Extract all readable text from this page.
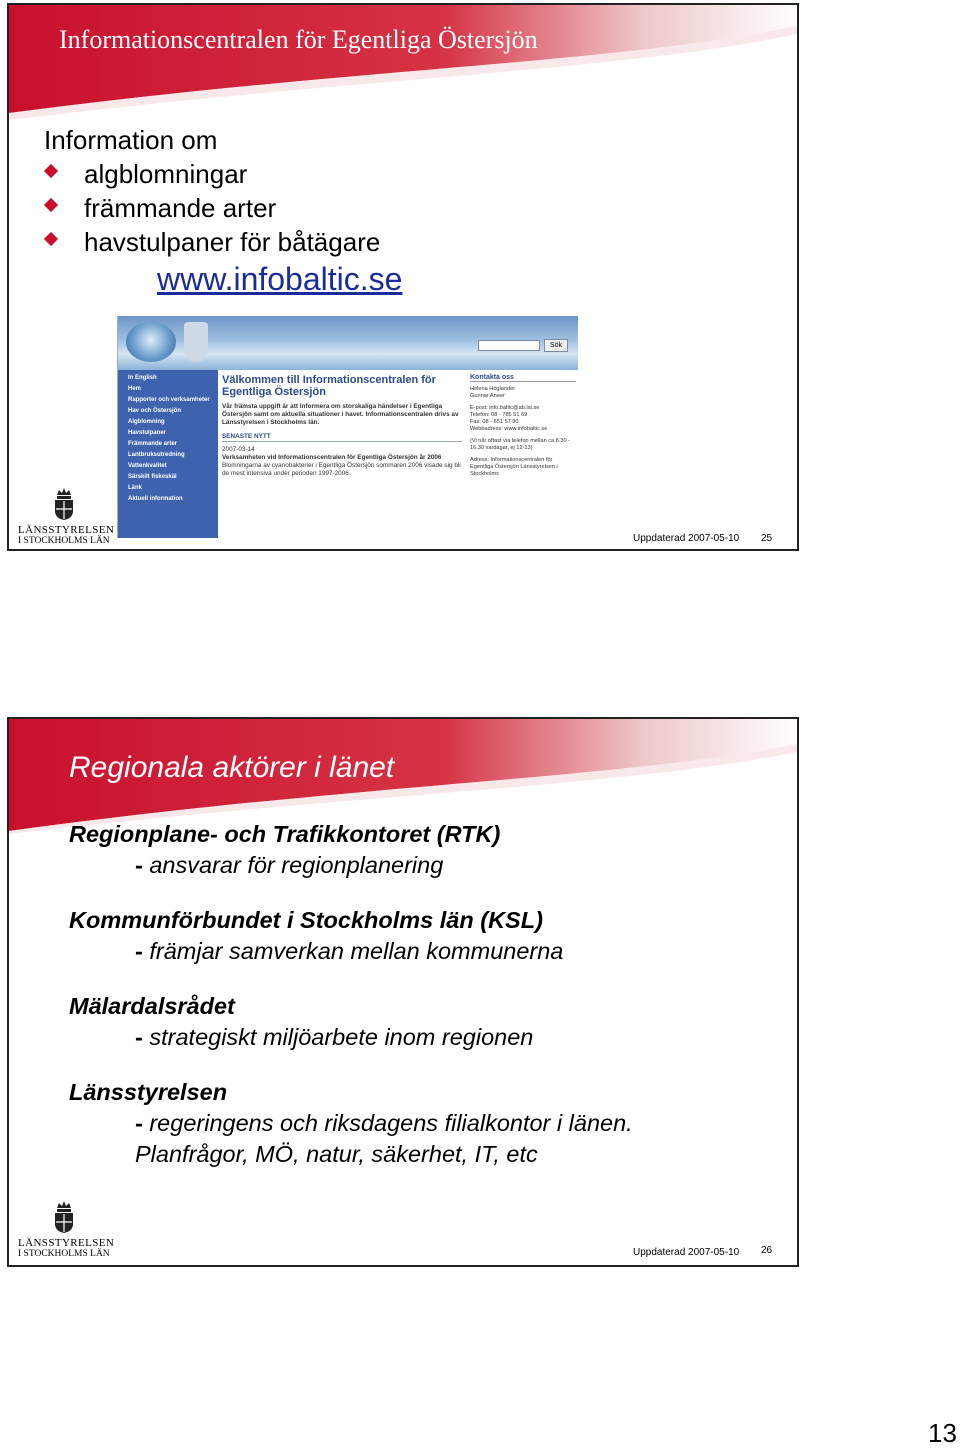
Informationscentralen för Egentliga Östersjön
Information om
algblomningar
främmande arter
havstulpaner för båtägare
www.infobaltic.se
Sök
In English
Hem
Rapporter och verksamheter
Hav och Östersjön
Algblomning
Havstulpaner
Främmande arter
Lantbruksutredning
Vattenkvalitet
Särskilt fiskeskäl
Länk
Aktuell information
Välkommen till Informationscentralen för Egentliga Östersjön
Vår främsta uppgift är att informera om storskaliga händelser i Egentliga Östersjön samt om aktuella situationer i havet. Informationscentralen drivs av Länsstyrelsen i Stockholms län.
SENASTE NYTT
2007-03-14
Verksamheten vid Informationscentralen för Egentliga Östersjön år 2006
Blomningarna av cyanobakterier i Egentliga Östersjön sommaren 2006 visade sig bli de mest intensiva under perioden 1997-2006.
Kontakta oss
Helena Höglander
Gunnar Aneer
E-post: info.baltic@ab.lst.se
Telefon: 08 - 785 51 69
Fax: 08 - 651 57 90
Webbadress: www.infobaltic.se
(Vi når oftast via telefon mellan ca 8.30 - 16.30 vardagar, ej 12-13)
Adress: Informationscentralen för Egentliga Östersjön Länsstyrelsen i Stockholms
LÄNSSTYRELSEN
I STOCKHOLMS LÄN	Uppdaterad 2007-05-10 25
Regionala aktörer i länet

Regionplane- och Trafikkontoret (RTK)

- ansvarar för regionplanering

Kommunförbundet i Stockholms län (KSL)

- främjar samverkan mellan kommunerna

Mälardalsrådet

- strategiskt miljöarbete inom regionen

Länsstyrelsen

- regeringens och riksdagens filialkontor i länen.
Planfrågor, MÖ, natur, säkerhet, IT, etc

LÄNSSTYRELSEN
I STOCKHOLMS LÄN	Uppdaterad 2007-05-10 26
13
